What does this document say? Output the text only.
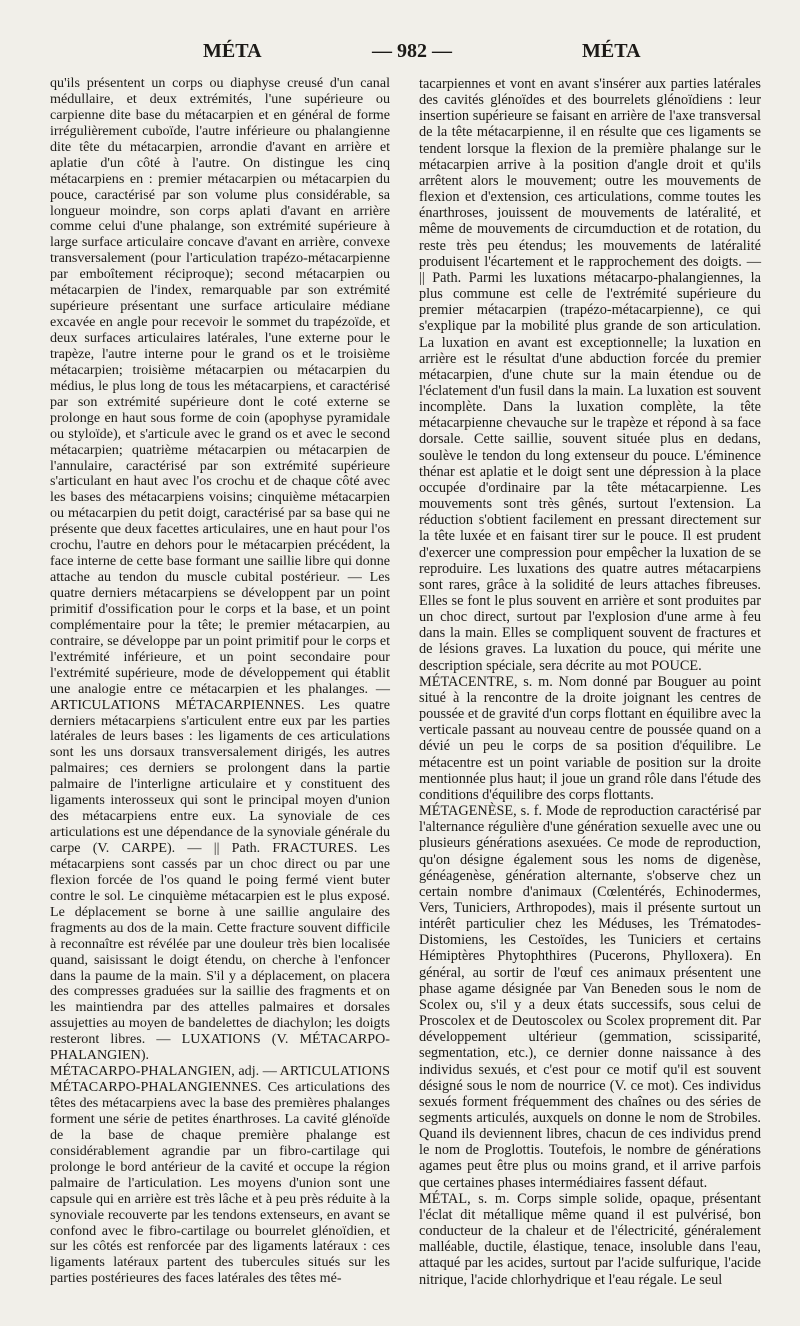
MÉTA	— 982 —	MÉTA

qu'ils présentent un corps ou diaphyse creusé d'un canal médullaire, et deux extrémités, l'une supérieure ou carpienne dite base du métacarpien et en général de forme irrégulièrement cuboïde, l'autre inférieure ou phalangienne dite tête du métacarpien, arrondie d'avant en arrière et aplatie d'un côté à l'autre. On distingue les cinq métacarpiens en : premier métacarpien ou métacarpien du pouce, caractérisé par son volume plus considérable, sa longueur moindre, son corps aplati d'avant en arrière comme celui d'une phalange, son extrémité supérieure à large surface articulaire concave d'avant en arrière, convexe transversalement (pour l'articulation trapézo-métacarpienne par emboîtement réciproque); second métacarpien ou métacarpien de l'index, remarquable par son extrémité supérieure présentant une surface articulaire médiane excavée en angle pour recevoir le sommet du trapézoïde, et deux surfaces articulaires latérales, l'une externe pour le trapèze, l'autre interne pour le grand os et le troisième métacarpien; troisième métacarpien ou métacarpien du médius, le plus long de tous les métacarpiens, et caractérisé par son extrémité supérieure dont le coté externe se prolonge en haut sous forme de coin (apophyse pyramidale ou styloïde), et s'articule avec le grand os et avec le second métacarpien; quatrième métacarpien ou métacarpien de l'annulaire, caractérisé par son extrémité supérieure s'articulant en haut avec l'os crochu et de chaque côté avec les bases des métacarpiens voisins; cinquième métacarpien ou métacarpien du petit doigt, caractérisé par sa base qui ne présente que deux facettes articulaires, une en haut pour l'os crochu, l'autre en dehors pour le métacarpien précédent, la face interne de cette base formant une saillie libre qui donne attache au tendon du muscle cubital postérieur. — Les quatre derniers métacarpiens se développent par un point primitif d'ossification pour le corps et la base, et un point complémentaire pour la tête; le premier métacarpien, au contraire, se développe par un point primitif pour le corps et l'extrémité inférieure, et un point secondaire pour l'extrémité supérieure, mode de développement qui établit une analogie entre ce métacarpien et les phalanges. — ARTICULATIONS MÉTACARPIENNES. Les quatre derniers métacarpiens s'articulent entre eux par les parties latérales de leurs bases : les ligaments de ces articulations sont les uns dorsaux transversalement dirigés, les autres palmaires; ces derniers se prolongent dans la partie palmaire de l'interligne articulaire et y constituent des ligaments interosseux qui sont le principal moyen d'union des métacarpiens entre eux. La synoviale de ces articulations est une dépendance de la synoviale générale du carpe (V. CARPE). — || Path. FRACTURES. Les métacarpiens sont cassés par un choc direct ou par une flexion forcée de l'os quand le poing fermé vient buter contre le sol. Le cinquième métacarpien est le plus exposé. Le déplacement se borne à une saillie angulaire des fragments au dos de la main. Cette fracture souvent difficile à reconnaître est révélée par une douleur très bien localisée quand, saisissant le doigt étendu, on cherche à l'enfoncer dans la paume de la main. S'il y a déplacement, on placera des compresses graduées sur la saillie des fragments et on les maintiendra par des attelles palmaires et dorsales assujetties au moyen de bandelettes de diachylon; les doigts resteront libres. — LUXATIONS (V. MÉTACARPO-PHALANGIEN).

MÉTACARPO-PHALANGIEN, adj. — ARTICULATIONS MÉTACARPO-PHALANGIENNES. Ces articulations des têtes des métacarpiens avec la base des premières phalanges forment une série de petites énarthroses. La cavité glénoïde de la base de chaque première phalange est considérablement agrandie par un fibro-cartilage qui prolonge le bord antérieur de la cavité et occupe la région palmaire de l'articulation. Les moyens d'union sont une capsule qui en arrière est très lâche et à peu près réduite à la synoviale recouverte par les tendons extenseurs, en avant se confond avec le fibro-cartilage ou bourrelet glénoïdien, et sur les côtés est renforcée par des ligaments latéraux : ces ligaments latéraux partent des tubercules situés sur les parties postérieures des faces latérales des têtes mé-

tacarpiennes et vont en avant s'insérer aux parties latérales des cavités glénoïdes et des bourrelets glénoïdiens : leur insertion supérieure se faisant en arrière de l'axe transversal de la tête métacarpienne, il en résulte que ces ligaments se tendent lorsque la flexion de la première phalange sur le métacarpien arrive à la position d'angle droit et qu'ils arrêtent alors le mouvement; outre les mouvements de flexion et d'extension, ces articulations, comme toutes les énarthroses, jouissent de mouvements de latéralité, et même de mouvements de circumduction et de rotation, du reste très peu étendus; les mouvements de latéralité produisent l'écartement et le rapprochement des doigts. — || Path. Parmi les luxations métacarpo-phalangiennes, la plus commune est celle de l'extrémité supérieure du premier métacarpien (trapézo-métacarpienne), ce qui s'explique par la mobilité plus grande de son articulation. La luxation en avant est exceptionnelle; la luxation en arrière est le résultat d'une abduction forcée du premier métacarpien, d'une chute sur la main étendue ou de l'éclatement d'un fusil dans la main. La luxation est souvent incomplète. Dans la luxation complète, la tête métacarpienne chevauche sur le trapèze et répond à sa face dorsale. Cette saillie, souvent située plus en dedans, soulève le tendon du long extenseur du pouce. L'éminence thénar est aplatie et le doigt sent une dépression à la place occupée d'ordinaire par la tête métacarpienne. Les mouvements sont très gênés, surtout l'extension. La réduction s'obtient facilement en pressant directement sur la tête luxée et en faisant tirer sur le pouce. Il est prudent d'exercer une compression pour empêcher la luxation de se reproduire. Les luxations des quatre autres métacarpiens sont rares, grâce à la solidité de leurs attaches fibreuses. Elles se font le plus souvent en arrière et sont produites par un choc direct, surtout par l'explosion d'une arme à feu dans la main. Elles se compliquent souvent de fractures et de lésions graves. La luxation du pouce, qui mérite une description spéciale, sera décrite au mot POUCE.

MÉTACENTRE, s. m. Nom donné par Bouguer au point situé à la rencontre de la droite joignant les centres de poussée et de gravité d'un corps flottant en équilibre avec la verticale passant au nouveau centre de poussée quand on a dévié un peu le corps de sa position d'équilibre. Le métacentre est un point variable de position sur la droite mentionnée plus haut; il joue un grand rôle dans l'étude des conditions d'équilibre des corps flottants.

MÉTAGENÈSE, s. f. Mode de reproduction caractérisé par l'alternance régulière d'une génération sexuelle avec une ou plusieurs générations asexuées. Ce mode de reproduction, qu'on désigne également sous les noms de digenèse, généagenèse, génération alternante, s'observe chez un certain nombre d'animaux (Cœlentérés, Echinodermes, Vers, Tuniciers, Arthropodes), mais il présente surtout un intérêt particulier chez les Méduses, les Trématodes-Distomiens, les Cestoïdes, les Tuniciers et certains Hémiptères Phytophthires (Pucerons, Phylloxera). En général, au sortir de l'œuf ces animaux présentent une phase agame désignée par Van Beneden sous le nom de Scolex ou, s'il y a deux états successifs, sous celui de Proscolex et de Deutoscolex ou Scolex proprement dit. Par développement ultérieur (gemmation, scissiparité, segmentation, etc.), ce dernier donne naissance à des individus sexués, et c'est pour ce motif qu'il est souvent désigné sous le nom de nourrice (V. ce mot). Ces individus sexués forment fréquemment des chaînes ou des séries de segments articulés, auxquels on donne le nom de Strobiles. Quand ils deviennent libres, chacun de ces individus prend le nom de Proglottis. Toutefois, le nombre de générations agames peut être plus ou moins grand, et il arrive parfois que certaines phases intermédiaires fassent défaut.

MÉTAL, s. m. Corps simple solide, opaque, présentant l'éclat dit métallique même quand il est pulvérisé, bon conducteur de la chaleur et de l'électricité, généralement malléable, ductile, élastique, tenace, insoluble dans l'eau, attaqué par les acides, surtout par l'acide sulfurique, l'acide nitrique, l'acide chlorhydrique et l'eau régale. Le seul
